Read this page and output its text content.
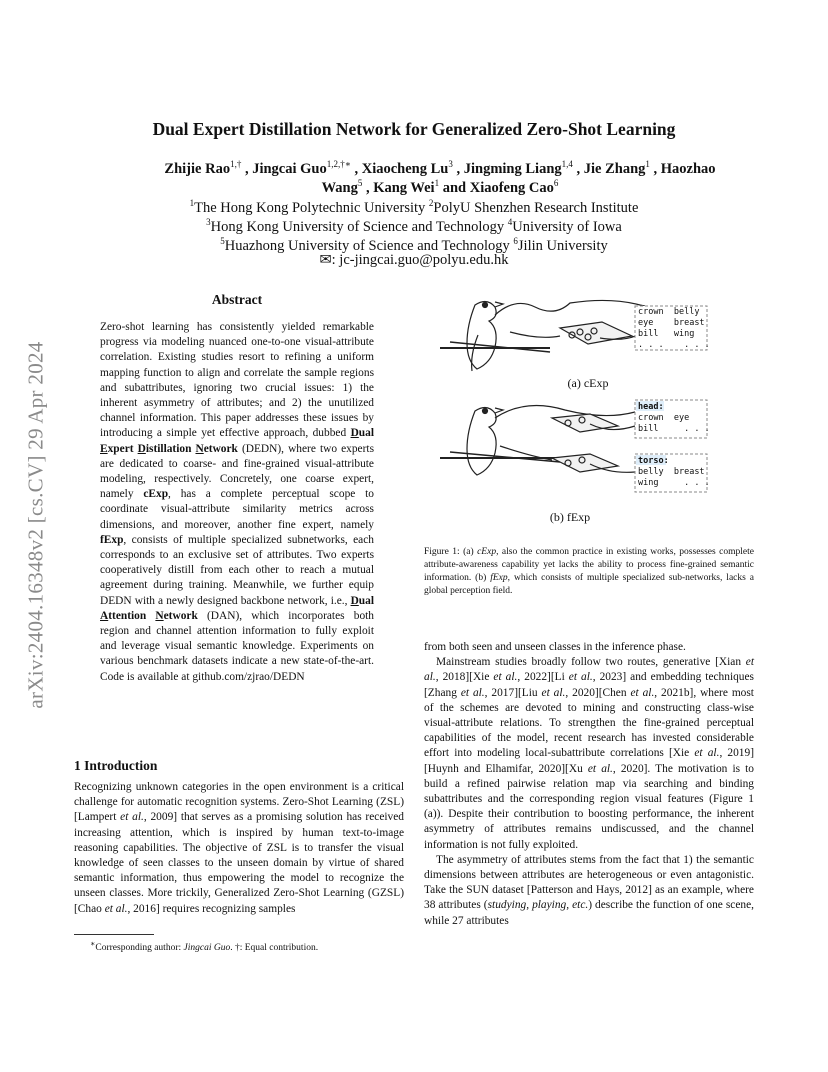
arXiv:2404.16348v2 [cs.CV] 29 Apr 2024
Dual Expert Distillation Network for Generalized Zero-Shot Learning
Zhijie Rao$^{1,\dagger}$ , Jingcai Guo$^{1,2,\dagger∗}$ , Xiaocheng Lu$^3$ , Jingming Liang$^{1,4}$ , Jie Zhang$^1$ , Haozhao
Wang$^5$ , Kang Wei$^1$ and Xiaofeng Cao$^6$
$^1$The Hong Kong Polytechnic University $^2$PolyU Shenzhen Research Institute
$^3$Hong Kong University of Science and Technology $^4$University of Iowa
$^5$Huazhong University of Science and Technology $^6$Jilin University
✉: jc-jingcai.guo@polyu.edu.hk
Abstract
Zero-shot learning has consistently yielded remarkable progress via modeling nuanced one-to-one visual-attribute correlation. Existing studies resort to refining a uniform mapping function to align and correlate the sample regions and subattributes, ignoring two crucial issues: 1) the inherent asymmetry of attributes; and 2) the unutilized channel information. This paper addresses these issues by introducing a simple yet effective approach, dubbed Dual Expert Distillation Network (DEDN), where two experts are dedicated to coarse- and fine-grained visual-attribute modeling, respectively. Concretely, one coarse expert, namely cExp, has a complete perceptual scope to coordinate visual-attribute similarity metrics across dimensions, and moreover, another fine expert, namely fExp, consists of multiple specialized subnetworks, each corresponds to an exclusive set of attributes. Two experts cooperatively distill from each other to reach a mutual agreement during training. Meanwhile, we further equip DEDN with a newly designed backbone network, i.e., Dual Attention Network (DAN), which incorporates both region and channel attention information to fully exploit and leverage visual semantic knowledge. Experiments on various benchmark datasets indicate a new state-of-the-art. Code is available at github.com/zjrao/DEDN
1 Introduction
Recognizing unknown categories in the open environment is a critical challenge for automatic recognition systems. Zero-Shot Learning (ZSL) [Lampert et al., 2009] that serves as a promising solution has received increasing attention, which is inspired by human text-to-image reasoning capabilities. The objective of ZSL is to transfer the visual knowledge of seen classes to the unseen domain by virtue of shared semantic information, thus empowering the model to recognize the unseen classes. More trickily, Generalized Zero-Shot Learning (GZSL) [Chao et al., 2016] requires recognizing samples
∗Corresponding author: Jingcai Guo. †: Equal contribution.
crown belly
eye breast
bill wing
. . . . . .
(a) cExp
head:
crown eye
bill	. . .
torso:
belly breast
wing	. . .
(b) fExp
Figure 1: (a) cExp, also the common practice in existing works, possesses complete attribute-awareness capability yet lacks the ability to process fine-grained semantic information. (b) fExp, which consists of multiple specialized sub-networks, lacks a global perception field.

from both seen and unseen classes in the inference phase.

Mainstream studies broadly follow two routes, generative [Xian et al., 2018][Xie et al., 2022][Li et al., 2023] and embedding techniques [Zhang et al., 2017][Liu et al., 2020][Chen et al., 2021b], where most of the schemes are devoted to mining and constructing class-wise visual-attribute relations. To strengthen the fine-grained perceptual capabilities of the model, recent research has invested considerable effort into modeling local-subattribute correlations [Xie et al., 2019][Huynh and Elhamifar, 2020][Xu et al., 2020]. The motivation is to build a refined pairwise relation map via searching and binding subattributes and the corresponding region visual features (Figure 1 (a)). Despite their contribution to boosting performance, the inherent asymmetry of attributes remains undiscussed, and the channel information is not fully exploited.

The asymmetry of attributes stems from the fact that 1) the semantic dimensions between attributes are heterogeneous or even antagonistic. Take the SUN dataset [Patterson and Hays, 2012] as an example, where 38 attributes (studying, playing, etc.) describe the function of one scene, while 27 attributes
